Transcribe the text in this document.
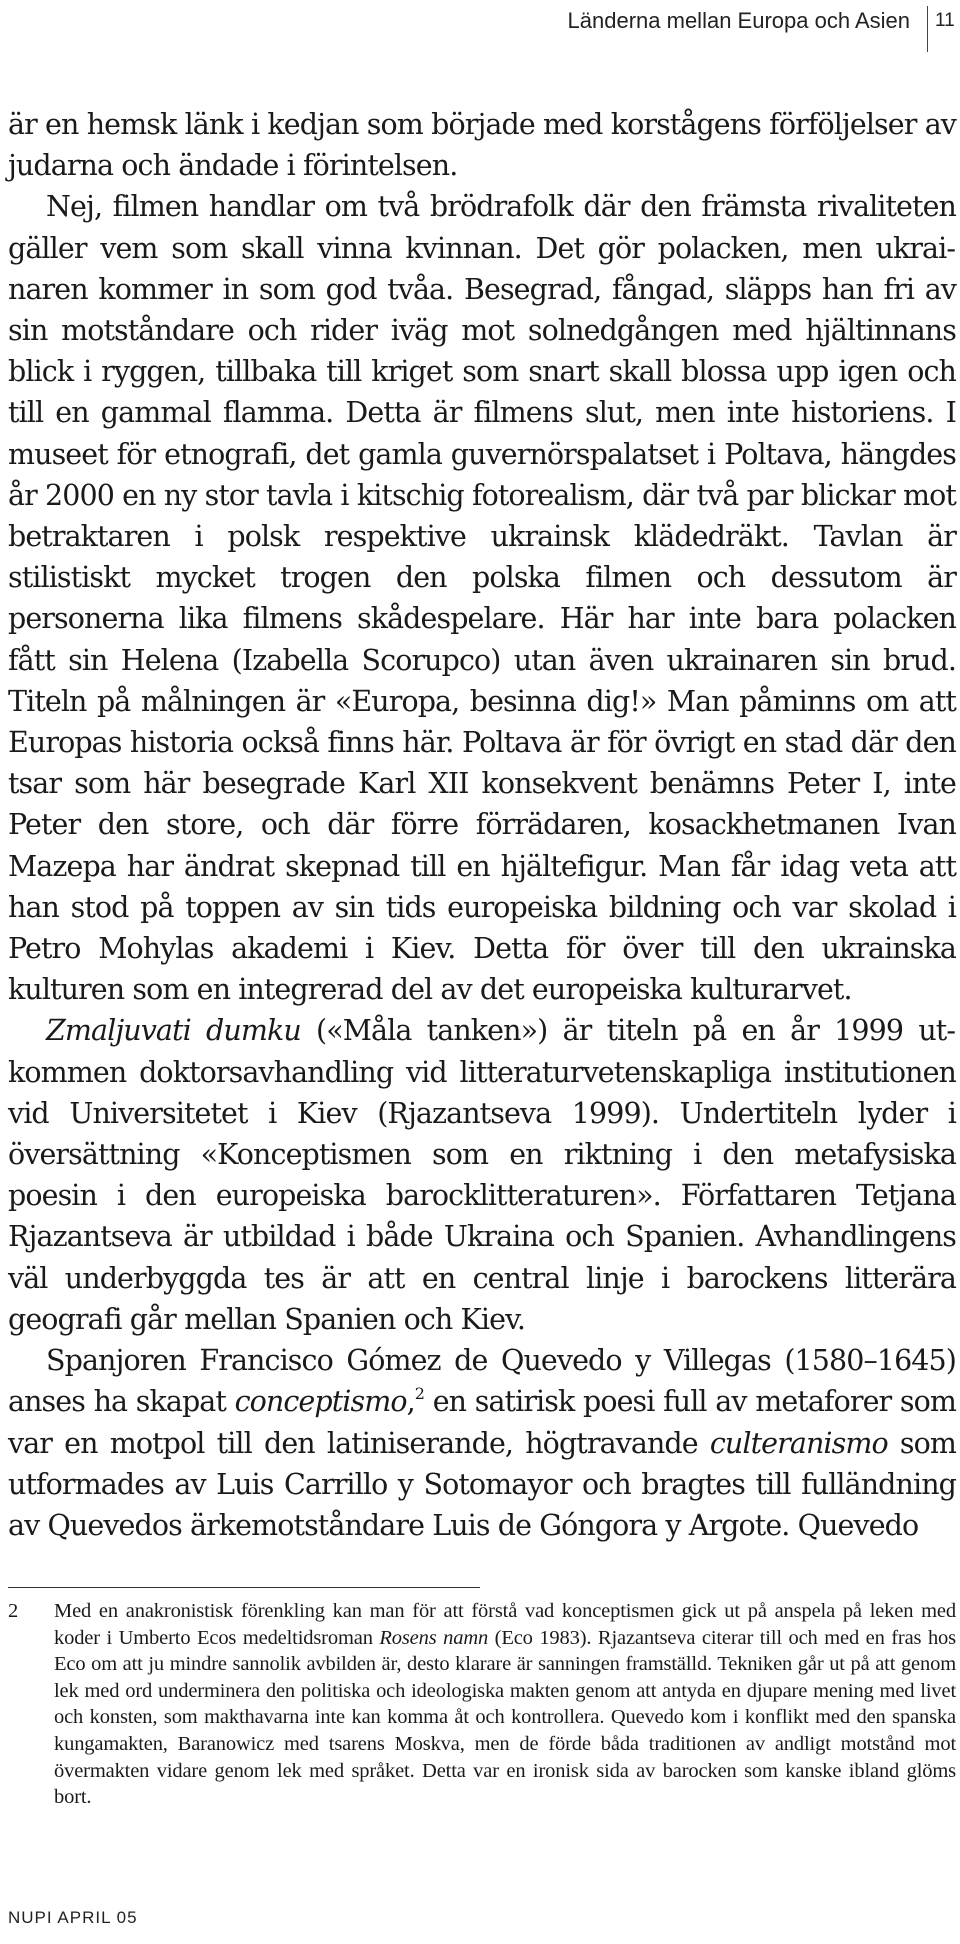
Länderna mellan Europa och Asien 11

är en hemsk länk i kedjan som började med korstågens förföljelser av judarna och ändade i förintelsen.

Nej, filmen handlar om två brödrafolk där den främsta rivaliteten gäller vem som skall vinna kvinnan. Det gör polacken, men ukrainaren kommer in som god tvåa. Besegrad, fångad, släpps han fri av sin motståndare och rider iväg mot solnedgången med hjältinnans blick i ryggen, tillbaka till kriget som snart skall blossa upp igen och till en gammal flamma. Detta är filmens slut, men inte historiens. I museet för etnografi, det gamla guvernörspalatset i Poltava, hängdes år 2000 en ny stor tavla i kitschig fotorealism, där två par blickar mot betraktaren i polsk respektive ukrainsk klädedräkt. Tavlan är stilistiskt mycket trogen den polska filmen och dessutom är personerna lika filmens skådespelare. Här har inte bara polacken fått sin Helena (Izabella Scorupco) utan även ukrainaren sin brud. Titeln på målningen är «Europa, besinna dig!» Man påminns om att Europas historia också finns här. Poltava är för övrigt en stad där den tsar som här besegrade Karl XII konsekvent benämns Peter I, inte Peter den store, och där förre förrädaren, kosackhetmanen Ivan Mazepa har ändrat skepnad till en hjältefigur. Man får idag veta att han stod på toppen av sin tids europeiska bildning och var skolad i Petro Mohylas akademi i Kiev. Detta för över till den ukrainska kulturen som en integrerad del av det europeiska kulturarvet.

Zmaljuvati dumku («Måla tanken») är titeln på en år 1999 utkommen doktorsavhandling vid litteraturvetenskapliga institutionen vid Universitetet i Kiev (Rjazantseva 1999). Undertiteln lyder i översättning «Konceptismen som en riktning i den metafysiska poesin i den europeiska barocklitteraturen». Författaren Tetjana Rjazantseva är utbildad i både Ukraina och Spanien. Avhandlingens väl underbyggda tes är att en central linje i barockens litterära geografi går mellan Spanien och Kiev.

Spanjoren Francisco Gómez de Quevedo y Villegas (1580–1645) anses ha skapat conceptismo,$^2$ en satirisk poesi full av metaforer som var en motpol till den latiniserande, högtravande culteranismo som utformades av Luis Carrillo y Sotomayor och bragtes till fulländning av Quevedos ärkemotståndare Luis de Góngora y Argote. Quevedo

2 Med en anakronistisk förenkling kan man för att förstå vad konceptismen gick ut på anspela på leken med koder i Umberto Ecos medeltidsroman Rosens namn (Eco 1983). Rjazantseva citerar till och med en fras hos Eco om att ju mindre sannolik avbilden är, desto klarare är sanningen framställd. Tekniken går ut på att genom lek med ord underminera den politiska och ideologiska makten genom att antyda en djupare mening med livet och konsten, som makthavarna inte kan komma åt och kontrollera. Quevedo kom i konflikt med den spanska kungamakten, Baranowicz med tsarens Moskva, men de förde båda traditionen av andligt motstånd mot övermakten vidare genom lek med språket. Detta var en ironisk sida av barocken som kanske ibland glöms bort.
NUPI APRIL 05
